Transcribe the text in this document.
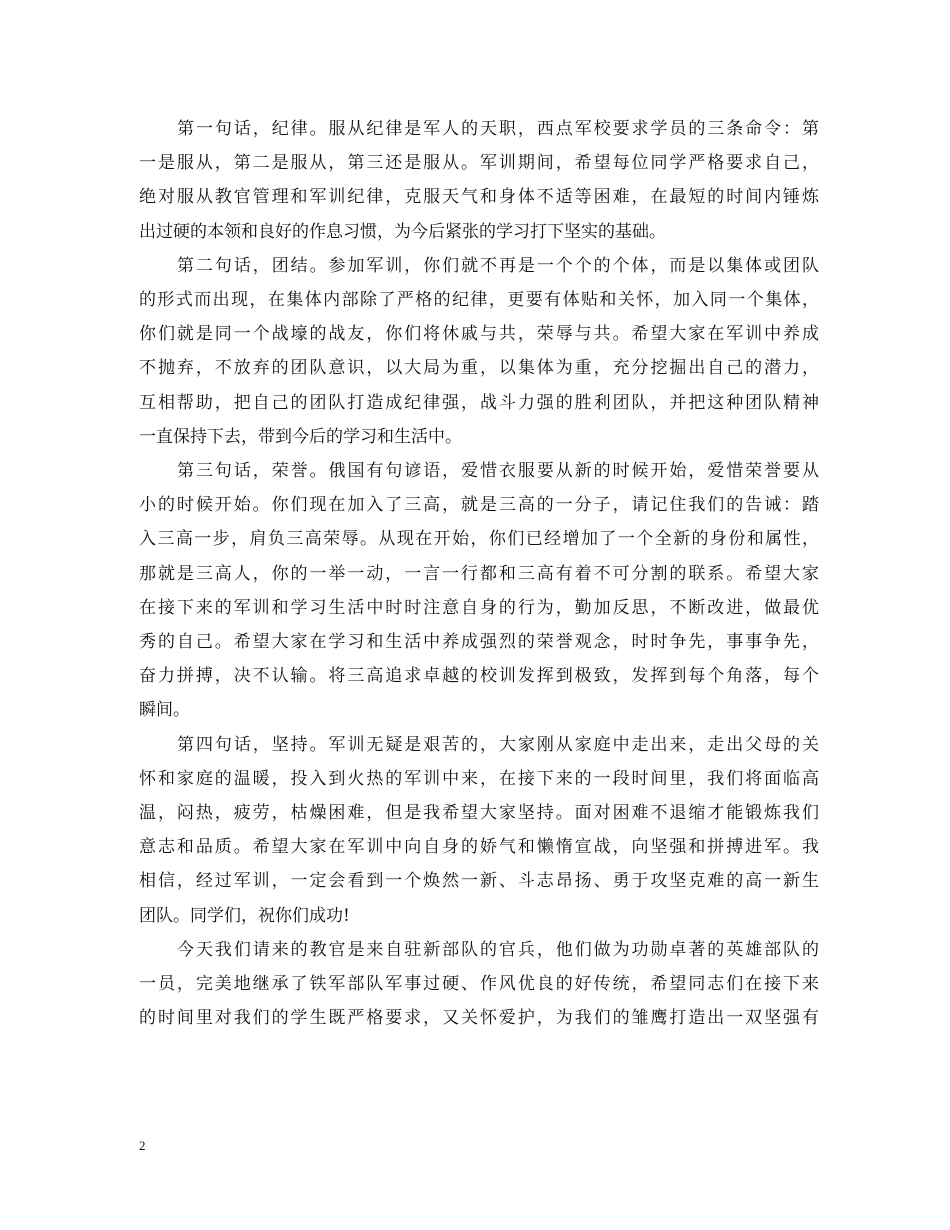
第一句话，纪律。服从纪律是军人的天职，西点军校要求学员的三条命令：第
一是服从，第二是服从，第三还是服从。军训期间，希望每位同学严格要求自己，
绝对服从教官管理和军训纪律，克服天气和身体不适等困难，在最短的时间内锤炼
出过硬的本领和良好的作息习惯，为今后紧张的学习打下坚实的基础。

第二句话，团结。参加军训，你们就不再是一个个的个体，而是以集体或团队
的形式而出现，在集体内部除了严格的纪律，更要有体贴和关怀，加入同一个集体，
你们就是同一个战壕的战友，你们将休戚与共，荣辱与共。希望大家在军训中养成
不抛弃，不放弃的团队意识，以大局为重，以集体为重，充分挖掘出自己的潜力，
互相帮助，把自己的团队打造成纪律强，战斗力强的胜利团队，并把这种团队精神
一直保持下去，带到今后的学习和生活中。

第三句话，荣誉。俄国有句谚语，爱惜衣服要从新的时候开始，爱惜荣誉要从
小的时候开始。你们现在加入了三高，就是三高的一分子，请记住我们的告诫：踏
入三高一步，肩负三高荣辱。从现在开始，你们已经增加了一个全新的身份和属性，
那就是三高人，你的一举一动，一言一行都和三高有着不可分割的联系。希望大家
在接下来的军训和学习生活中时时注意自身的行为，勤加反思，不断改进，做最优
秀的自己。希望大家在学习和生活中养成强烈的荣誉观念，时时争先，事事争先，
奋力拼搏，决不认输。将三高追求卓越的校训发挥到极致，发挥到每个角落，每个
瞬间。

第四句话，坚持。军训无疑是艰苦的，大家刚从家庭中走出来，走出父母的关
怀和家庭的温暖，投入到火热的军训中来，在接下来的一段时间里，我们将面临高
温，闷热，疲劳，枯燥困难，但是我希望大家坚持。面对困难不退缩才能锻炼我们
意志和品质。希望大家在军训中向自身的娇气和懒惰宣战，向坚强和拼搏进军。我
相信，经过军训，一定会看到一个焕然一新、斗志昂扬、勇于攻坚克难的高一新生
团队。同学们，祝你们成功!

今天我们请来的教官是来自驻新部队的官兵，他们做为功勋卓著的英雄部队的
一员，完美地继承了铁军部队军事过硬、作风优良的好传统，希望同志们在接下来
的时间里对我们的学生既严格要求，又关怀爱护，为我们的雏鹰打造出一双坚强有

2
